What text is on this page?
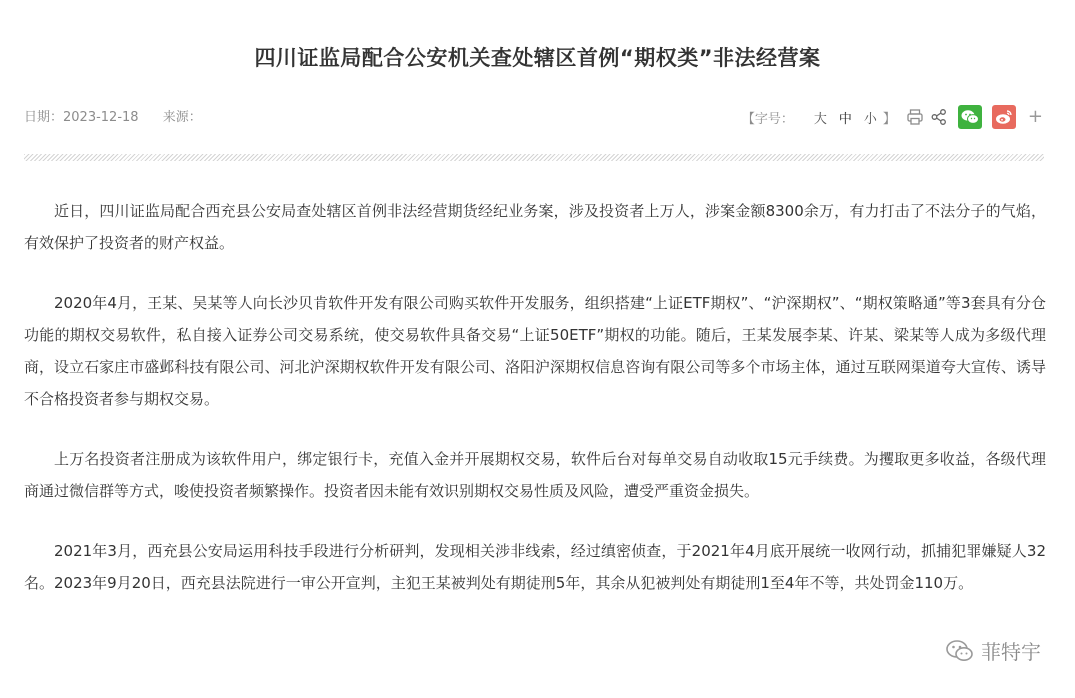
四川证监局配合公安机关查处辖区首例“期权类”非法经营案
日期：2023-12-18 来源：	【字号： 大 中 小 】	+

近日，四川证监局配合西充县公安局查处辖区首例非法经营期货经纪业务案，涉及投资者上万人，涉案金额8300余万，有力打击了不法分子的气焰，有效保护了投资者的财产权益。

2020年4月，王某、吴某等人向长沙贝肯软件开发有限公司购买软件开发服务，组织搭建“上证ETF期权”、“沪深期权”、“期权策略通”等3套具有分仓功能的期权交易软件，私自接入证券公司交易系统，使交易软件具备交易“上证50ETF”期权的功能。随后，王某发展李某、许某、梁某等人成为多级代理商，设立石家庄市盛邺科技有限公司、河北沪深期权软件开发有限公司、洛阳沪深期权信息咨询有限公司等多个市场主体，通过互联网渠道夸大宣传、诱导不合格投资者参与期权交易。

上万名投资者注册成为该软件用户，绑定银行卡，充值入金并开展期权交易，软件后台对每单交易自动收取15元手续费。为攫取更多收益，各级代理商通过微信群等方式，唆使投资者频繁操作。投资者因未能有效识别期权交易性质及风险，遭受严重资金损失。

2021年3月，西充县公安局运用科技手段进行分析研判，发现相关涉非线索，经过缜密侦查，于2021年4月底开展统一收网行动，抓捕犯罪嫌疑人32名。2023年9月20日，西充县法院进行一审公开宣判，主犯王某被判处有期徒刑5年，其余从犯被判处有期徒刑1至4年不等，共处罚金110万。

菲特宇
